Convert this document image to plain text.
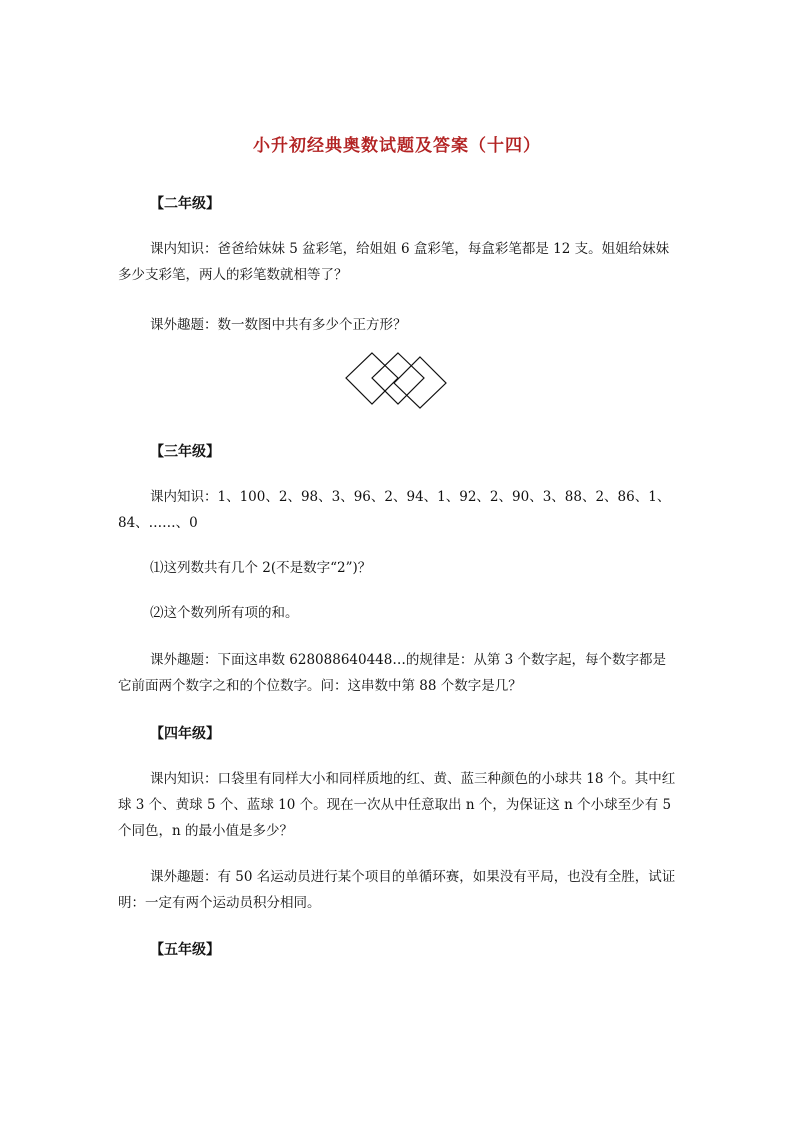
小升初经典奥数试题及答案（十四）
【二年级】
课内知识：爸爸给妹妹 5 盆彩笔，给姐姐 6 盒彩笔，每盒彩笔都是 12 支。姐姐给妹妹多少支彩笔，两人的彩笔数就相等了？
课外趣题：数一数图中共有多少个正方形？
【三年级】
课内知识：1、100、2、98、3、96、2、94、1、92、2、90、3、88、2、86、1、84、……、0
⑴这列数共有几个 2(不是数字“2”)？
⑵这个数列所有项的和。
课外趣题：下面这串数 628088640448…的规律是：从第 3 个数字起，每个数字都是它前面两个数字之和的个位数字。问：这串数中第 88 个数字是几？
【四年级】
课内知识：口袋里有同样大小和同样质地的红、黄、蓝三种颜色的小球共 18 个。其中红球 3 个、黄球 5 个、蓝球 10 个。现在一次从中任意取出 n 个，为保证这 n 个小球至少有 5 个同色，n 的最小值是多少？
课外趣题：有 50 名运动员进行某个项目的单循环赛，如果没有平局，也没有全胜，试证明：一定有两个运动员积分相同。
【五年级】
